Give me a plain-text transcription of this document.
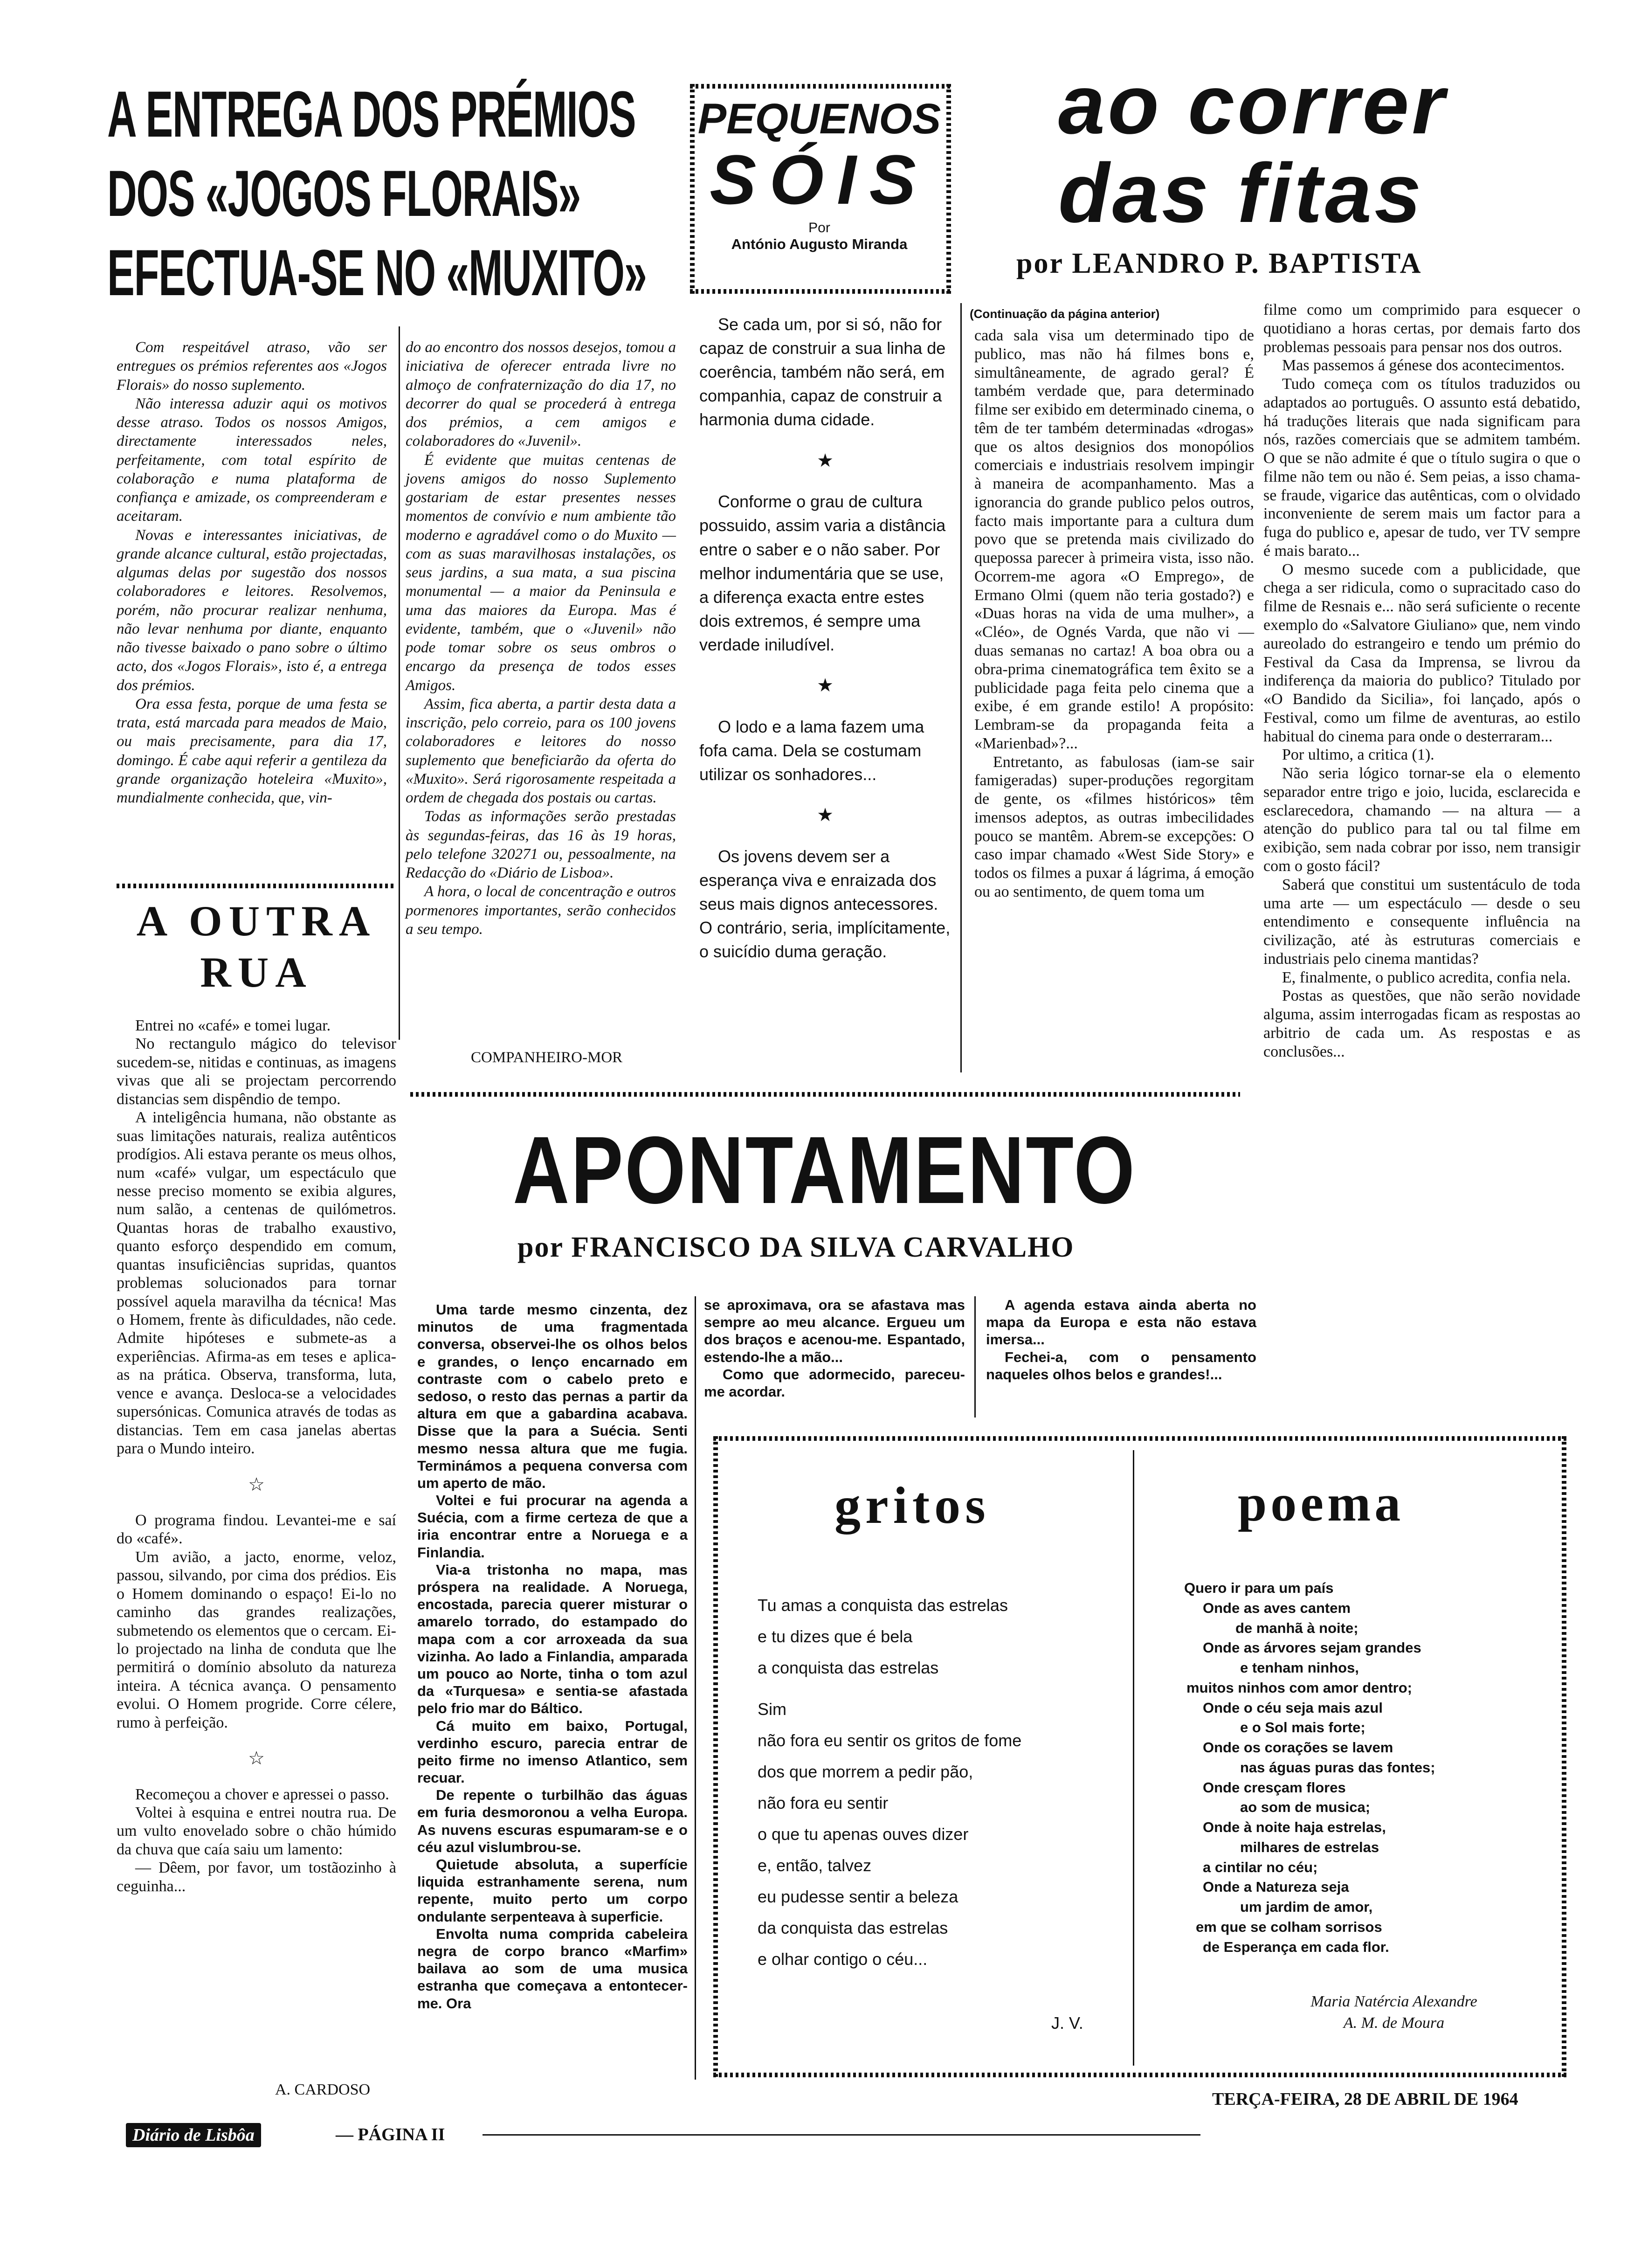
A ENTREGA DOS PRÉMIOS
DOS «JOGOS FLORAIS»
EFECTUA-SE NO «MUXITO»
PEQUENOS
SÓIS
Por
António Augusto Miranda

Se cada um, por si só, não for capaz de construir a sua linha de coerência, também não será, em companhia, capaz de construir a harmonia duma cidade.

★

Conforme o grau de cultura possuido, assim varia a distância entre o saber e o não saber. Por melhor indumentária que se use, a diferença exacta entre estes dois extremos, é sempre uma verdade iniludível.

★

O lodo e a lama fazem uma fofa cama. Dela se costumam utilizar os sonhadores...

★

Os jovens devem ser a esperança viva e enraizada dos seus mais dignos antecessores. O contrário, seria, implícitamente, o suicídio duma geração.

ao correr
das fitas
por LEANDRO P. BAPTISTA
(Continuação da página anterior)

cada sala visa um determinado tipo de publico, mas não há filmes bons e, simultâneamente, de agrado geral? É também verdade que, para determinado filme ser exibido em determinado cinema, o têm de ter também determinadas «drogas» que os altos designios dos monopólios comerciais e industriais resolvem impingir à maneira de acompanhamento. Mas a ignorancia do grande publico pelos outros, facto mais importante para a cultura dum povo que se pretenda mais civilizado do quepossa parecer à primeira vista, isso não. Ocorrem-me agora «O Emprego», de Ermano Olmi (quem não teria gostado?) e «Duas horas na vida de uma mulher», a «Cléo», de Ognés Varda, que não vi — duas semanas no cartaz! A boa obra ou a obra-prima cinematográfica tem êxito se a publicidade paga feita pelo cinema que a exibe, é em grande estilo! A propósito: Lembram-se da propaganda feita a «Marienbad»?...

Entretanto, as fabulosas (iam-se sair famigeradas) super-produções regorgitam de gente, os «filmes históricos» têm imensos adeptos, as outras imbecilidades pouco se mantêm. Abrem-se excepções: O caso impar chamado «West Side Story» e todos os filmes a puxar á lágrima, á emoção ou ao sentimento, de quem toma um

filme como um comprimido para esquecer o quotidiano a horas certas, por demais farto dos problemas pessoais para pensar nos dos outros.

Mas passemos á génese dos acontecimentos.

Tudo começa com os títulos traduzidos ou adaptados ao português. O assunto está debatido, há traduções literais que nada significam para nós, razões comerciais que se admitem também. O que se não admite é que o título sugira o que o filme não tem ou não é. Sem peias, a isso chama-se fraude, vigarice das autênticas, com o olvidado inconveniente de serem mais um factor para a fuga do publico e, apesar de tudo, ver TV sempre é mais barato...

O mesmo sucede com a publicidade, que chega a ser ridicula, como o supracitado caso do filme de Resnais e... não será suficiente o recente exemplo do «Salvatore Giuliano» que, nem vindo aureolado do estrangeiro e tendo um prémio do Festival da Casa da Imprensa, se livrou da indiferença da maioria do publico? Titulado por «O Bandido da Sicilia», foi lançado, após o Festival, como um filme de aventuras, ao estilo habitual do cinema para onde o desterraram...

Por ultimo, a critica (1).

Não seria lógico tornar-se ela o elemento separador entre trigo e joio, lucida, esclarecida e esclarecedora, chamando — na altura — a atenção do publico para tal ou tal filme em exibição, sem nada cobrar por isso, nem transigir com o gosto fácil?

Saberá que constitui um sustentáculo de toda uma arte — um espectáculo — desde o seu entendimento e consequente influência na civilização, até às estruturas comerciais e industriais pelo cinema mantidas?

E, finalmente, o publico acredita, confia nela.

Postas as questões, que não serão novidade alguma, assim interrogadas ficam as respostas ao arbitrio de cada um. As respostas e as conclusões...

Com respeitável atraso, vão ser entregues os prémios referentes aos «Jogos Florais» do nosso suplemento.

Não interessa aduzir aqui os motivos desse atraso. Todos os nossos Amigos, directamente interessados neles, perfeitamente, com total espírito de colaboração e numa plataforma de confiança e amizade, os compreenderam e aceitaram.

Novas e interessantes iniciativas, de grande alcance cultural, estão projectadas, algumas delas por sugestão dos nossos colaboradores e leitores. Resolvemos, porém, não procurar realizar nenhuma, não levar nenhuma por diante, enquanto não tivesse baixado o pano sobre o último acto, dos «Jogos Florais», isto é, a entrega dos prémios.

Ora essa festa, porque de uma festa se trata, está marcada para meados de Maio, ou mais precisamente, para dia 17, domingo. É cabe aqui referir a gentileza da grande organização hoteleira «Muxito», mundialmente conhecida, que, vin-

do ao encontro dos nossos desejos, tomou a iniciativa de oferecer entrada livre no almoço de confraternização do dia 17, no decorrer do qual se procederá à entrega dos prémios, a cem amigos e colaboradores do «Juvenil».

É evidente que muitas centenas de jovens amigos do nosso Suplemento gostariam de estar presentes nesses momentos de convívio e num ambiente tão moderno e agradável como o do Muxito — com as suas maravilhosas instalações, os seus jardins, a sua mata, a sua piscina monumental — a maior da Peninsula e uma das maiores da Europa. Mas é evidente, também, que o «Juvenil» não pode tomar sobre os seus ombros o encargo da presença de todos esses Amigos.

Assim, fica aberta, a partir desta data a inscrição, pelo correio, para os 100 jovens colaboradores e leitores do nosso suplemento que beneficiarão da oferta do «Muxito». Será rigorosamente respeitada a ordem de chegada dos postais ou cartas.

Todas as informações serão prestadas às segundas-feiras, das 16 às 19 horas, pelo telefone 320271 ou, pessoalmente, na Redacção do «Diário de Lisboa».

A hora, o local de concentração e outros pormenores importantes, serão conhecidos a seu tempo.

COMPANHEIRO-MOR
A OUTRA
RUA

Entrei no «café» e tomei lugar.

No rectangulo mágico do televisor sucedem-se, nitidas e continuas, as imagens vivas que ali se projectam percorrendo distancias sem dispêndio de tempo.

A inteligência humana, não obstante as suas limitações naturais, realiza autênticos prodígios. Ali estava perante os meus olhos, num «café» vulgar, um espectáculo que nesse preciso momento se exibia algures, num salão, a centenas de quilómetros. Quantas horas de trabalho exaustivo, quanto esforço despendido em comum, quantas insuficiências supridas, quantos problemas solucionados para tornar possível aquela maravilha da técnica! Mas o Homem, frente às dificuldades, não cede. Admite hipóteses e submete-as a experiências. Afirma-as em teses e aplica-as na prática. Observa, transforma, luta, vence e avança. Desloca-se a velocidades supersónicas. Comunica através de todas as distancias. Tem em casa janelas abertas para o Mundo inteiro.

☆

O programa findou. Levantei-me e saí do «café».

Um avião, a jacto, enorme, veloz, passou, silvando, por cima dos prédios. Eis o Homem dominando o espaço! Ei-lo no caminho das grandes realizações, submetendo os elementos que o cercam. Ei-lo projectado na linha de conduta que lhe permitirá o domínio absoluto da natureza inteira. A técnica avança. O pensamento evolui. O Homem progride. Corre célere, rumo à perfeição.

☆

Recomeçou a chover e apressei o passo.

Voltei à esquina e entrei noutra rua. De um vulto enovelado sobre o chão húmido da chuva que caía saiu um lamento:

— Dêem, por favor, um tostãozinho à ceguinha...

A. CARDOSO
APONTAMENTO
por FRANCISCO DA SILVA CARVALHO

Uma tarde mesmo cinzenta, dez minutos de uma fragmentada conversa, observei-lhe os olhos belos e grandes, o lenço encarnado em contraste com o cabelo preto e sedoso, o resto das pernas a partir da altura em que a gabardina acabava. Disse que la para a Suécia. Senti mesmo nessa altura que me fugia. Terminámos a pequena conversa com um aperto de mão.

Voltei e fui procurar na agenda a Suécia, com a firme certeza de que a iria encontrar entre a Noruega e a Finlandia.

Via-a tristonha no mapa, mas próspera na realidade. A Noruega, encostada, parecia querer misturar o amarelo torrado, do estampado do mapa com a cor arroxeada da sua vizinha. Ao lado a Finlandia, amparada um pouco ao Norte, tinha o tom azul da «Turquesa» e sentia-se afastada pelo frio mar do Báltico.

Cá muito em baixo, Portugal, verdinho escuro, parecia entrar de peito firme no imenso Atlantico, sem recuar.

De repente o turbilhão das águas em furia desmoronou a velha Europa. As nuvens escuras espumaram-se e o céu azul vislumbrou-se.

Quietude absoluta, a superfície liquida estranhamente serena, num repente, muito perto um corpo ondulante serpenteava à superficie.

Envolta numa comprida cabeleira negra de corpo branco «Marfim» bailava ao som de uma musica estranha que começava a entontecer-me. Ora

se aproximava, ora se afastava mas sempre ao meu alcance. Ergueu um dos braços e acenou-me. Espantado, estendo-lhe a mão...

Como que adormecido, pareceu-me acordar.

A agenda estava ainda aberta no mapa da Europa e esta não estava imersa...

Fechei-a, com o pensamento naqueles olhos belos e grandes!...

gritos
Tu amas a conquista das estrelas
e tu dizes que é bela
a conquista das estrelas
Sim
não fora eu sentir os gritos de fome
dos que morrem a pedir pão,
não fora eu sentir
o que tu apenas ouves dizer
e, então, talvez
eu pudesse sentir a beleza
da conquista das estrelas
e olhar contigo o céu...
J. V.
poema
Quero ir para um país
Onde as aves cantem
de manhã à noite;
Onde as árvores sejam grandes
e tenham ninhos,
muitos ninhos com amor dentro;
Onde o céu seja mais azul
e o Sol mais forte;
Onde os corações se lavem
nas águas puras das fontes;
Onde cresçam flores
ao som de musica;
Onde à noite haja estrelas,
milhares de estrelas
a cintilar no céu;
Onde a Natureza seja
um jardim de amor,
em que se colham sorrisos
de Esperança em cada flor.
Maria Natércia Alexandre
A. M. de Moura
Diário de Lisbôa	— PÁGINA II
TERÇA-FEIRA, 28 DE ABRIL DE 1964
